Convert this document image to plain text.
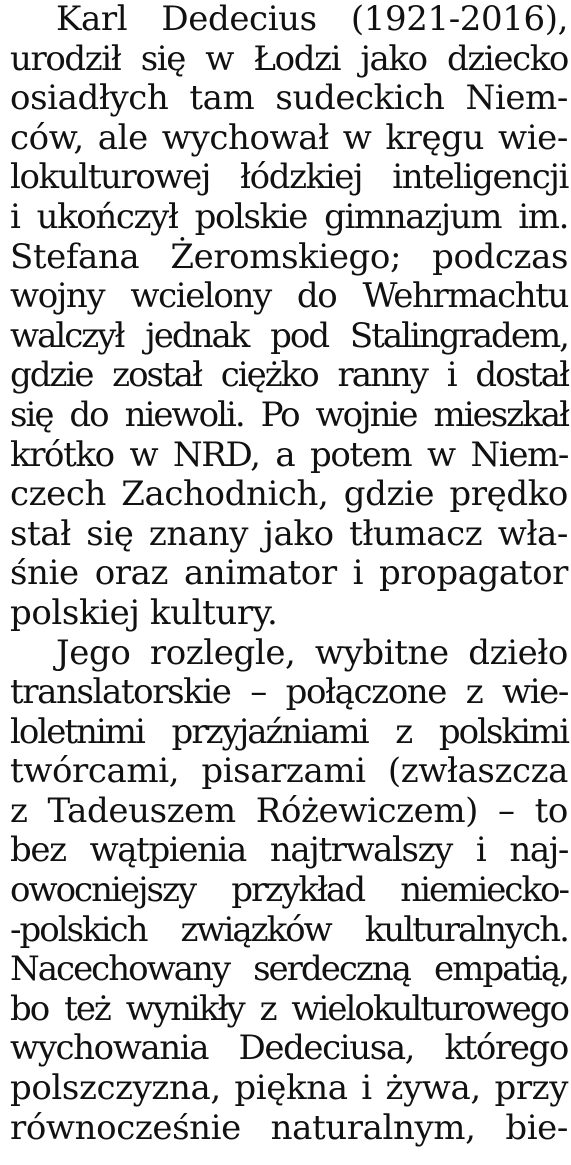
Karl Dedecius (1921-2016),
urodził się w Łodzi jako dziecko
osiadłych tam sudeckich Niem-
ców, ale wychował w kręgu wie-
lokulturowej łódzkiej inteligencji
i ukończył polskie gimnazjum im.
Stefana Żeromskiego; podczas
wojny wcielony do Wehrmachtu
walczył jednak pod Stalingradem,
gdzie został ciężko ranny i dostał
się do niewoli. Po wojnie mieszkał
krótko w NRD, a potem w Niem-
czech Zachodnich, gdzie prędko
stał się znany jako tłumacz wła-
śnie oraz animator i propagator
polskiej kultury.
Jego rozlegle, wybitne dzieło
translatorskie – połączone z wie-
loletnimi przyjaźniami z polskimi
twórcami, pisarzami (zwłaszcza
z Tadeuszem Różewiczem) – to
bez wątpienia najtrwalszy i naj-
owocniejszy przykład niemiecko-
-polskich związków kulturalnych.
Nacechowany serdeczną empatią,
bo też wynikły z wielokulturowego
wychowania Dedeciusa, którego
polszczyzna, piękna i żywa, przy
równocześnie naturalnym, bie-
